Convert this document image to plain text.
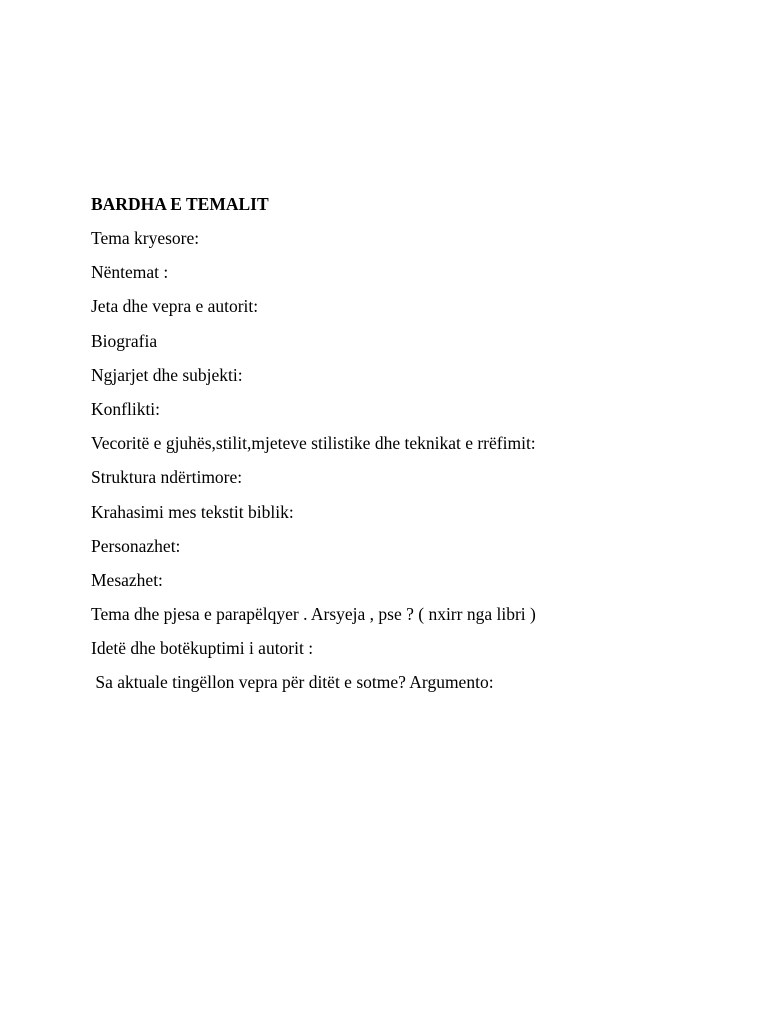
BARDHA E TEMALIT

Tema kryesore:

Nëntemat :

Jeta dhe vepra e autorit:

Biografia

Ngjarjet dhe subjekti:

Konflikti:

Vecoritë e gjuhës,stilit,mjeteve stilistike dhe teknikat e rrëfimit:

Struktura ndërtimore:

Krahasimi mes tekstit biblik:

Personazhet:

Mesazhet:

Tema dhe pjesa e parapëlqyer . Arsyeja , pse ? ( nxirr nga libri )

Idetë dhe botëkuptimi i autorit :

Sa aktuale tingëllon vepra për ditët e sotme? Argumento:
